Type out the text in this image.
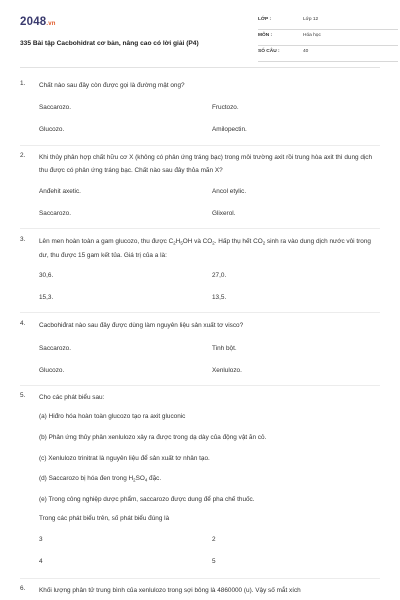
2048.vn
335 Bài tập Cacbohidrat cơ bản, nâng cao có lời giải (P4)
LỚP :	Lớp 12
MÔN :	Hóa học
SỐ CÂU :	40
1. Chất nào sau đây còn được gọi là đường mật ong?
Saccarozo.	Fructozo.
Glucozo.	Amilopectin.
2. Khi thủy phân hợp chất hữu cơ X (không có phản ứng tráng bạc) trong môi trường axit rồi trung hòa axit thì dung dịch thu được có phản ứng tráng bạc. Chất nào sau đây thỏa mãn X?
Anđehit axetic.	Ancol etylic.
Saccarozo.	Glixerol.
3. Lên men hoàn toàn a gam glucozo, thu được $C_2H_5OH$ và $CO_2$. Hấp thụ hết $CO_2$ sinh ra vào dung dịch nước vôi trong dư, thu được 15 gam kết tủa. Giá trị của a là:
30,6.	27,0.
15,3.	13,5.
4. Cacbohiđrat nào sau đây được dùng làm nguyên liệu sản xuất tơ visco?
Saccarozo.	Tinh bột.
Glucozo.	Xenlulozo.
5. Cho các phát biểu sau:
(a) Hiđro hóa hoàn toàn glucozo tạo ra axit gluconic
(b) Phản ứng thủy phân xenlulozo xảy ra được trong dạ dày của động vật ăn cỏ.
(c) Xenlulozo trinitrat là nguyên liệu để sản xuất tơ nhân tạo.
(d) Saccarozo bị hóa đen trong $H_2SO_4$ đặc.
(e) Trong công nghiệp dược phẩm, saccarozo được dung để pha chế thuốc.
Trong các phát biểu trên, số phát biểu đúng là
3	2
4	5
6. Khối lượng phân tử trung bình của xenlulozo trong sợi bông là 4860000 (u). Vậy số mắt xích
